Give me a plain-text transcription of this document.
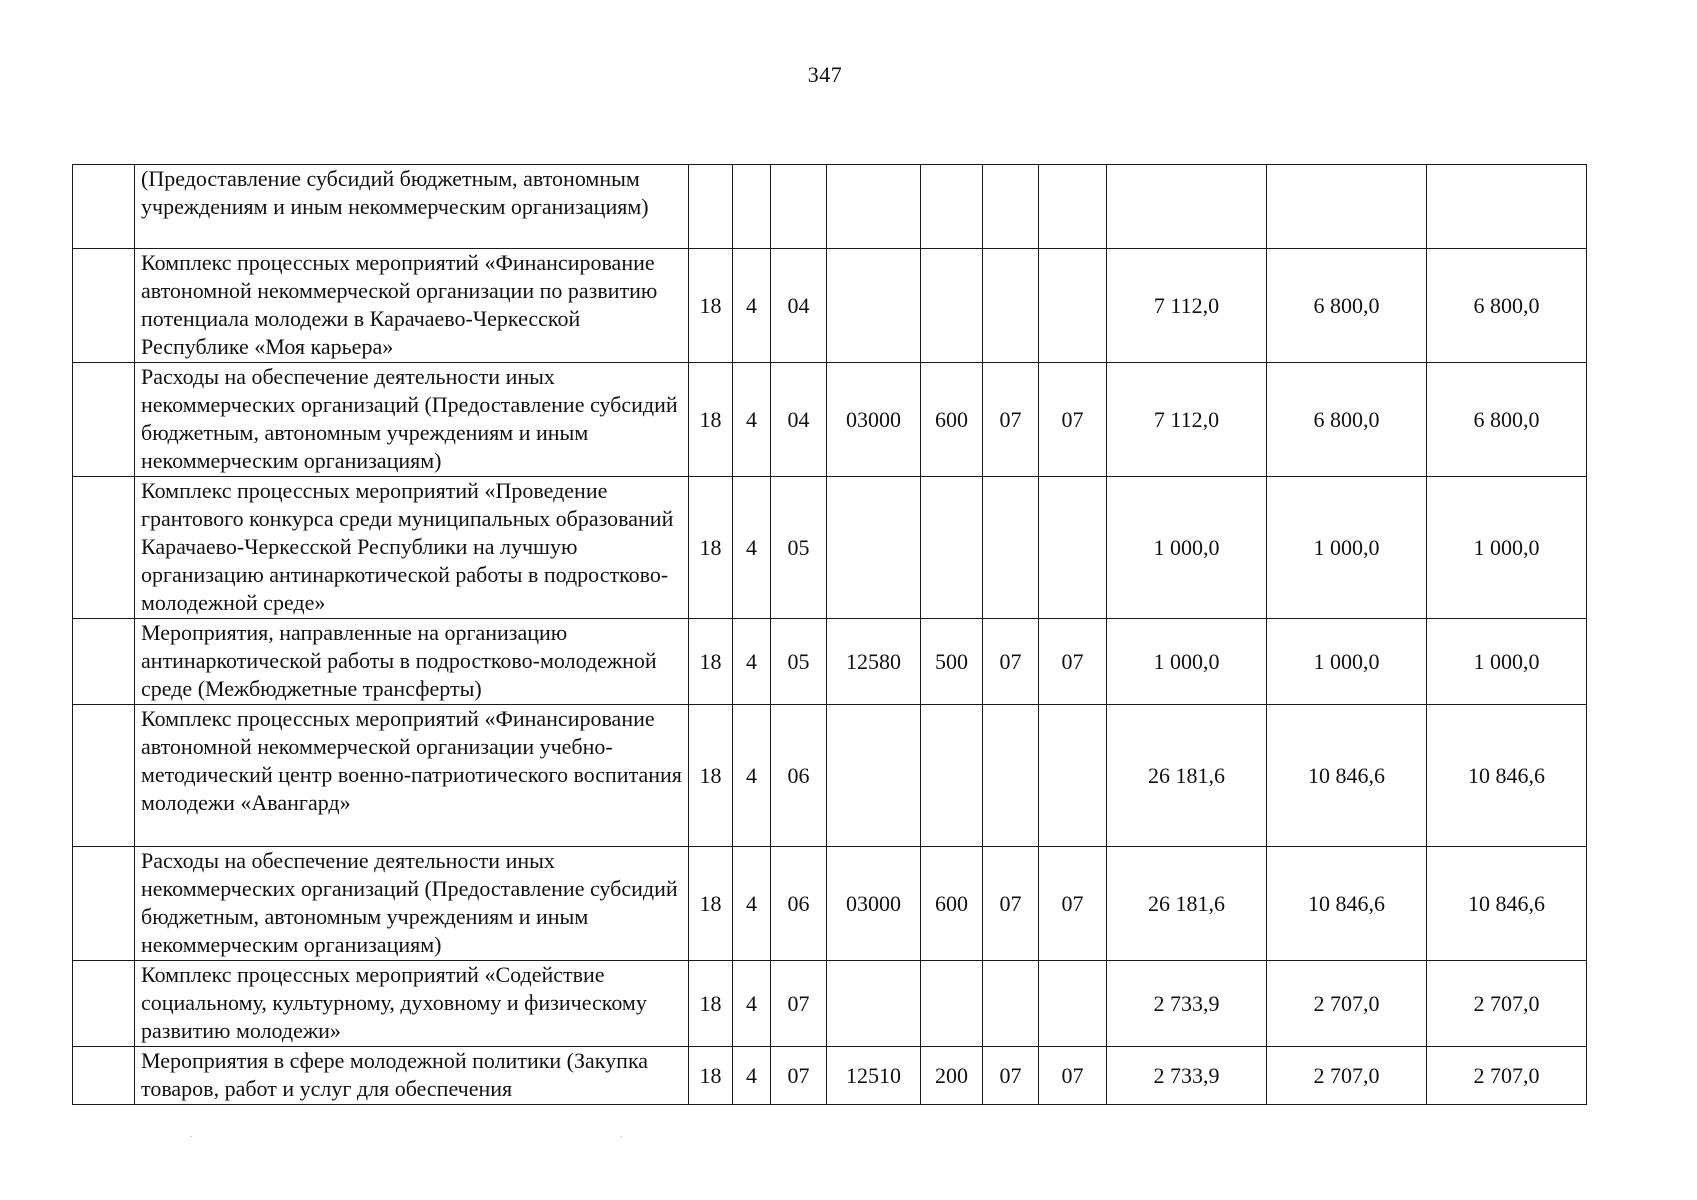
347
	(Предоставление субсидий бюджетным, автономным учреждениям и иным некоммерческим организациям)										
	Комплекс процессных мероприятий «Финансирование автономной некоммерческой организации по развитию потенциала молодежи в Карачаево-Черкесской Республике «Моя карьера»	18	4	04					7 112,0	6 800,0	6 800,0
	Расходы на обеспечение деятельности иных некоммерческих организаций (Предоставление субсидий бюджетным, автономным учреждениям и иным некоммерческим организациям)	18	4	04	03000	600	07	07	7 112,0	6 800,0	6 800,0
	Комплекс процессных мероприятий «Проведение грантового конкурса среди муниципальных образований Карачаево-Черкесской Республики на лучшую организацию антинаркотической работы в подростково-молодежной среде»	18	4	05					1 000,0	1 000,0	1 000,0
	Мероприятия, направленные на организацию антинаркотической работы в подростково-молодежной среде (Межбюджетные трансферты)	18	4	05	12580	500	07	07	1 000,0	1 000,0	1 000,0
	Комплекс процессных мероприятий «Финансирование автономной некоммерческой организации учебно-методический центр военно-патриотического воспитания молодежи «Авангард»	18	4	06					26 181,6	10 846,6	10 846,6
	Расходы на обеспечение деятельности иных некоммерческих организаций (Предоставление субсидий бюджетным, автономным учреждениям и иным некоммерческим организациям)	18	4	06	03000	600	07	07	26 181,6	10 846,6	10 846,6
	Комплекс процессных мероприятий «Содействие социальному, культурному, духовному и физическому развитию молодежи»	18	4	07					2 733,9	2 707,0	2 707,0
	Мероприятия в сфере молодежной политики (Закупка товаров, работ и услуг для обеспечения	18	4	07	12510	200	07	07	2 733,9	2 707,0	2 707,0
